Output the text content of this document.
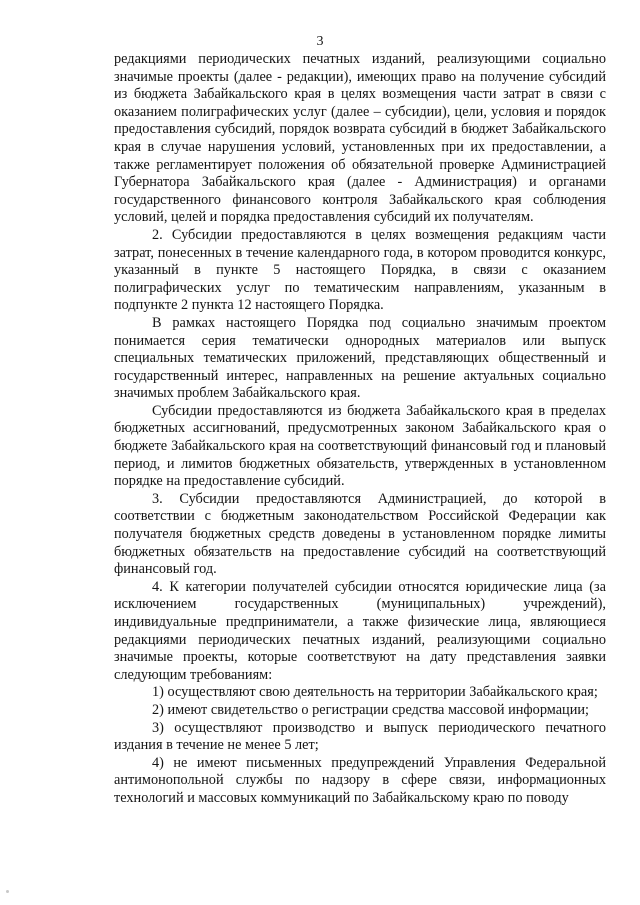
3

редакциями периодических печатных изданий, реализующими социально значимые проекты (далее - редакции), имеющих право на получение субсидий из бюджета Забайкальского края в целях возмещения части затрат в связи с оказанием полиграфических услуг (далее – субсидии), цели, условия и порядок предоставления субсидий, порядок возврата субсидий в бюджет Забайкальского края в случае нарушения условий, установленных при их предоставлении, а также регламентирует положения об обязательной проверке Администрацией Губернатора Забайкальского края (далее - Администрация) и органами государственного финансового контроля Забайкальского края соблюдения условий, целей и порядка предоставления субсидий их получателям.

2. Субсидии предоставляются в целях возмещения редакциям части затрат, понесенных в течение календарного года, в котором проводится конкурс, указанный в пункте 5 настоящего Порядка, в связи с оказанием полиграфических услуг по тематическим направлениям, указанным в подпункте 2 пункта 12 настоящего Порядка.

В рамках настоящего Порядка под социально значимым проектом понимается серия тематически однородных материалов или выпуск специальных тематических приложений, представляющих общественный и государственный интерес, направленных на решение актуальных социально значимых проблем Забайкальского края.

Субсидии предоставляются из бюджета Забайкальского края в пределах бюджетных ассигнований, предусмотренных законом Забайкальского края о бюджете Забайкальского края на соответствующий финансовый год и плановый период, и лимитов бюджетных обязательств, утвержденных в установленном порядке на предоставление субсидий.

3. Субсидии предоставляются Администрацией, до которой в соответствии с бюджетным законодательством Российской Федерации как получателя бюджетных средств доведены в установленном порядке лимиты бюджетных обязательств на предоставление субсидий на соответствующий финансовый год.

4. К категории получателей субсидии относятся юридические лица (за исключением государственных (муниципальных) учреждений), индивидуальные предприниматели, а также физические лица, являющиеся редакциями периодических печатных изданий, реализующими социально значимые проекты, которые соответствуют на дату представления заявки следующим требованиям:

1) осуществляют свою деятельность на территории Забайкальского края;

2) имеют свидетельство о регистрации средства массовой информации;

3) осуществляют производство и выпуск периодического печатного издания в течение не менее 5 лет;

4) не имеют письменных предупреждений Управления Федеральной антимонопольной службы по надзору в сфере связи, информационных технологий и массовых коммуникаций по Забайкальскому краю по поводу
